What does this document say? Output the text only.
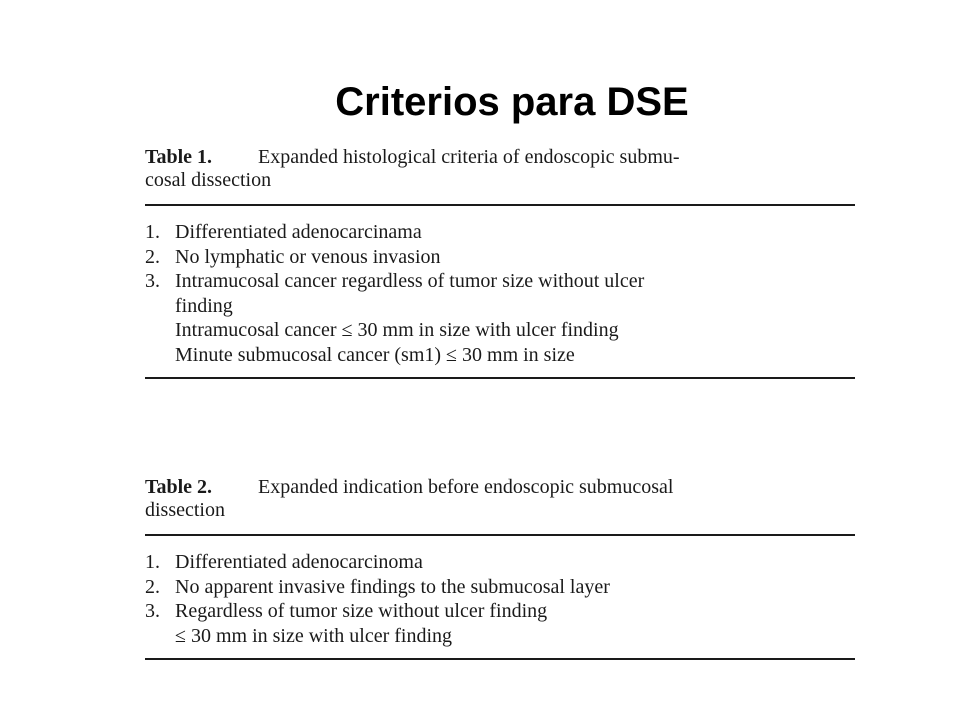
Criterios para DSE

Table 1. Expanded histological criteria of endoscopic submu-
cosal dissection

1. Differentiated adenocarcinama
2. No lymphatic or venous invasion
3. Intramucosal cancer regardless of tumor size without ulcer
finding
Intramucosal cancer ≤ 30 mm in size with ulcer finding
Minute submucosal cancer (sm1) ≤ 30 mm in size

Table 2. Expanded indication before endoscopic submucosal
dissection

1. Differentiated adenocarcinoma
2. No apparent invasive findings to the submucosal layer
3. Regardless of tumor size without ulcer finding
≤ 30 mm in size with ulcer finding
